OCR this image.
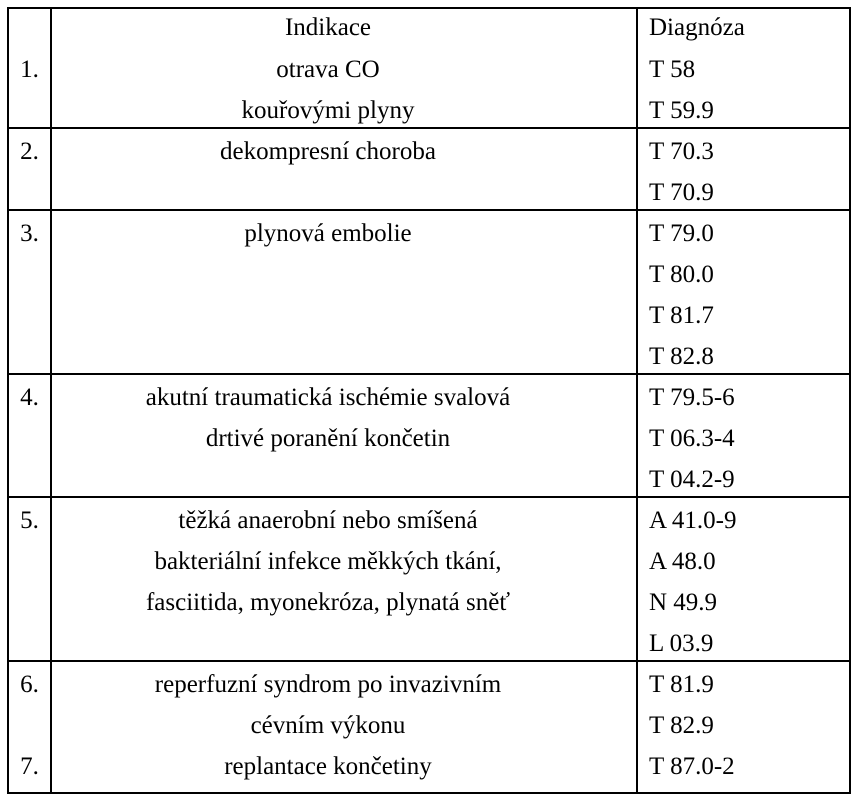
Indikace	Diagnóza
1.	otrava CO	T 58
kouřovými plyny	T 59.9
2.	dekompresní choroba	T 70.3
T 70.9
3.	plynová embolie	T 79.0
T 80.0
T 81.7
T 82.8
4.	akutní traumatická ischémie svalová	T 79.5-6
drtivé poranění končetin	T 06.3-4
T 04.2-9
5.	těžká anaerobní nebo smíšená	A 41.0-9
bakteriální infekce měkkých tkání,	A 48.0
fasciitida, myonekróza, plynatá sněť	N 49.9
L 03.9
6.	reperfuzní syndrom po invazivním	T 81.9
cévním výkonu	T 82.9
7.	replantace končetiny	T 87.0-2
